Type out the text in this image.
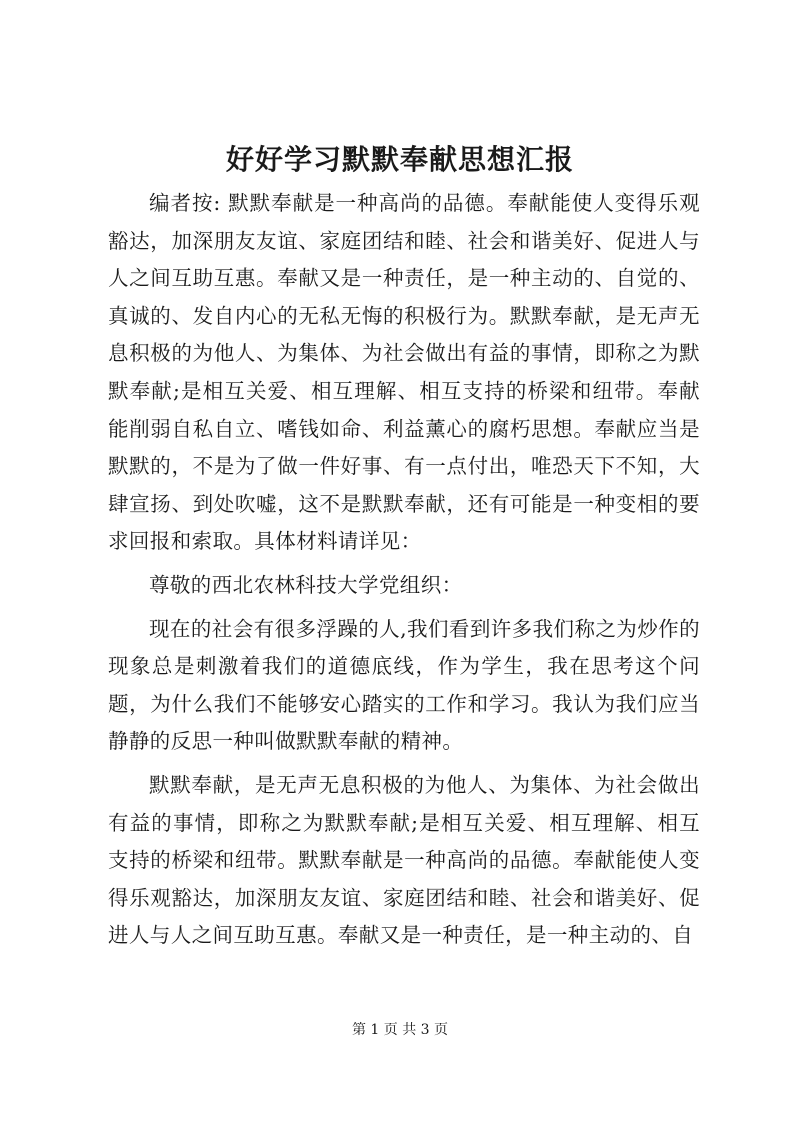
好好学习默默奉献思想汇报

编者按: 默默奉献是一种高尚的品德。奉献能使人变得乐观豁达，加深朋友友谊、家庭团结和睦、社会和谐美好、促进人与人之间互助互惠。奉献又是一种责任，是一种主动的、自觉的、真诚的、发自内心的无私无悔的积极行为。默默奉献，是无声无息积极的为他人、为集体、为社会做出有益的事情，即称之为默默奉献;是相互关爱、相互理解、相互支持的桥梁和纽带。奉献能削弱自私自立、嗜钱如命、利益薰心的腐朽思想。奉献应当是默默的，不是为了做一件好事、有一点付出，唯恐天下不知，大肆宣扬、到处吹嘘，这不是默默奉献，还有可能是一种变相的要求回报和索取。具体材料请详见：

尊敬的西北农林科技大学党组织：

现在的社会有很多浮躁的人,我们看到许多我们称之为炒作的现象总是刺激着我们的道德底线，作为学生，我在思考这个问题，为什么我们不能够安心踏实的工作和学习。我认为我们应当静静的反思一种叫做默默奉献的精神。

默默奉献，是无声无息积极的为他人、为集体、为社会做出有益的事情，即称之为默默奉献;是相互关爱、相互理解、相互支持的桥梁和纽带。默默奉献是一种高尚的品德。奉献能使人变得乐观豁达，加深朋友友谊、家庭团结和睦、社会和谐美好、促进人与人之间互助互惠。奉献又是一种责任，是一种主动的、自

第 1 页 共 3 页
